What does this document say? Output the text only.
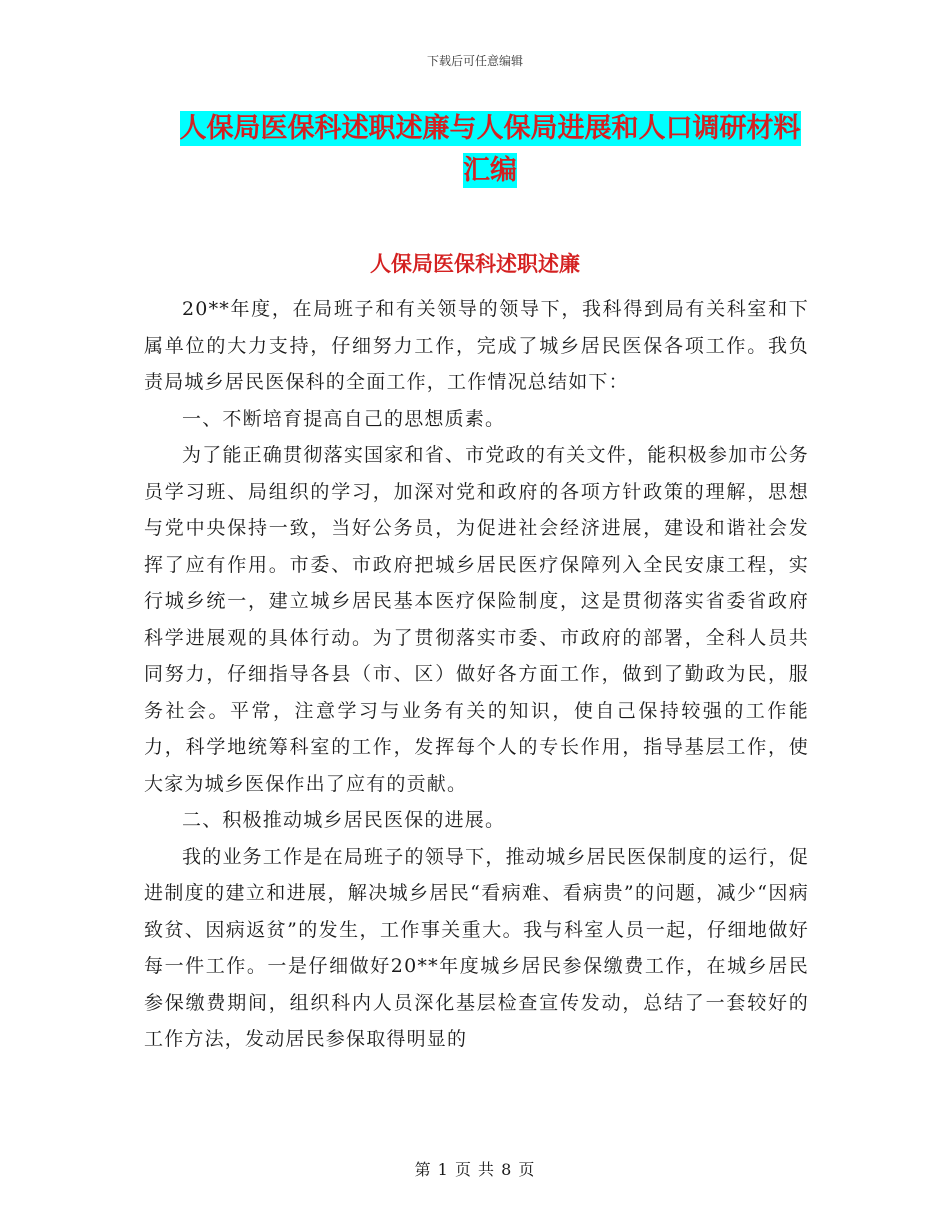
下载后可任意编辑
人保局医保科述职述廉与人保局进展和人口调研材料
汇编
人保局医保科述职述廉

20**年度，在局班子和有关领导的领导下，我科得到局有关科室和下属单位的大力支持，仔细努力工作，完成了城乡居民医保各项工作。我负责局城乡居民医保科的全面工作，工作情况总结如下：

一、不断培育提高自己的思想质素。

为了能正确贯彻落实国家和省、市党政的有关文件，能积极参加市公务员学习班、局组织的学习，加深对党和政府的各项方针政策的理解，思想与党中央保持一致，当好公务员，为促进社会经济进展，建设和谐社会发挥了应有作用。市委、市政府把城乡居民医疗保障列入全民安康工程，实行城乡统一，建立城乡居民基本医疗保险制度，这是贯彻落实省委省政府科学进展观的具体行动。为了贯彻落实市委、市政府的部署，全科人员共同努力，仔细指导各县（市、区）做好各方面工作，做到了勤政为民，服务社会。平常，注意学习与业务有关的知识，使自己保持较强的工作能力，科学地统筹科室的工作，发挥每个人的专长作用，指导基层工作，使大家为城乡医保作出了应有的贡献。

二、积极推动城乡居民医保的进展。

我的业务工作是在局班子的领导下，推动城乡居民医保制度的运行，促进制度的建立和进展，解决城乡居民“看病难、看病贵”的问题，减少“因病致贫、因病返贫”的发生，工作事关重大。我与科室人员一起，仔细地做好每一件工作。一是仔细做好20**年度城乡居民参保缴费工作，在城乡居民参保缴费期间，组织科内人员深化基层检查宣传发动，总结了一套较好的工作方法，发动居民参保取得明显的

第 1 页 共 8 页
